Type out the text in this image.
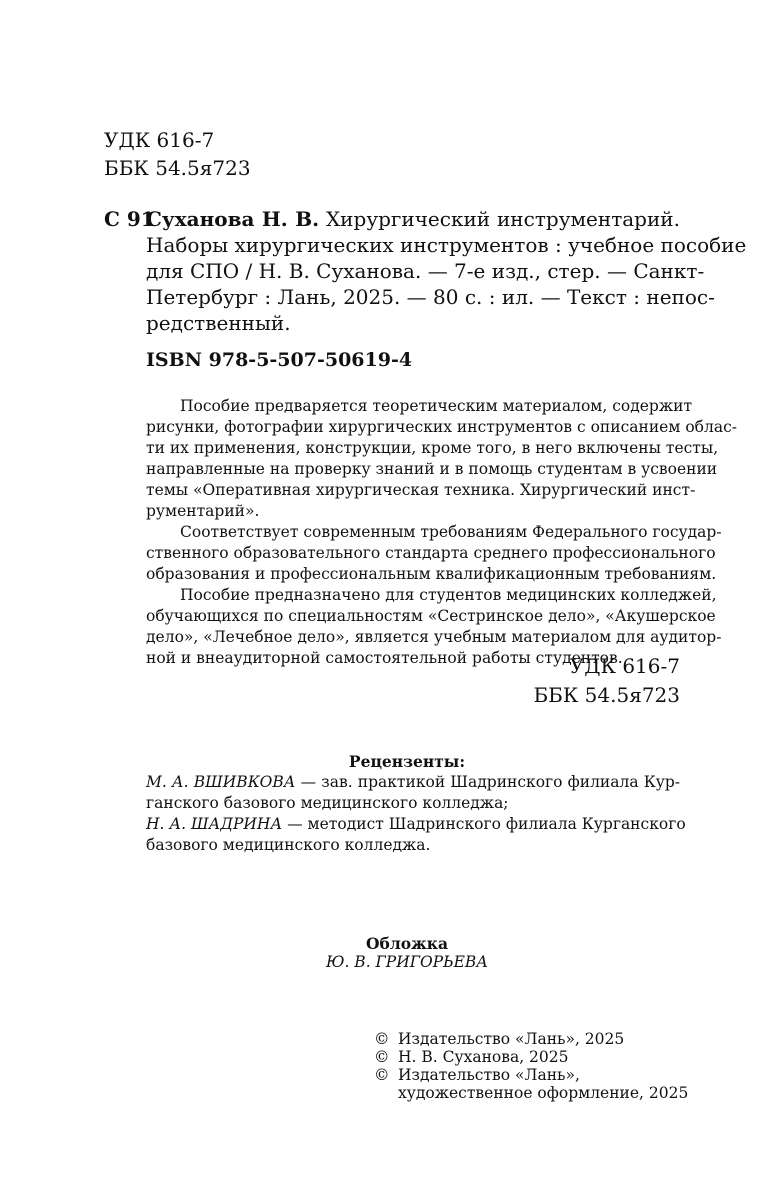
УДК 616-7
ББК 54.5я723
С 91
Суханова Н. В. Хирургический инструментарий.
Наборы хирургических инструментов : учебное пособие
для СПО / Н. В. Суханова. — 7-е изд., стер. — Санкт-
Петербург : Лань, 2025. — 80 с. : ил. — Текст : непос-
редственный.
ISBN 978-5-507-50619-4
Пособие предваряется теоретическим материалом, содержит
рисунки, фотографии хирургических инструментов с описанием облас-
ти их применения, конструкции, кроме того, в него включены тесты,
направленные на проверку знаний и в помощь студентам в усвоении
темы «Оперативная хирургическая техника. Хирургический инст-
рументарий».
Соответствует современным требованиям Федерального государ-
ственного образовательного стандарта среднего профессионального
образования и профессиональным квалификационным требованиям.
Пособие предназначено для студентов медицинских колледжей,
обучающихся по специальностям «Сестринское дело», «Акушерское
дело», «Лечебное дело», является учебным материалом для аудитор-
ной и внеаудиторной самостоятельной работы студентов.
УДК 616-7
ББК 54.5я723
Рецензенты:
М. А. ВШИВКОВА — зав. практикой Шадринского филиала Кур-
ганского базового медицинского колледжа;
Н. А. ШАДРИНА — методист Шадринского филиала Курганского
базового медицинского колледжа.
Обложка
Ю. В. ГРИГОРЬЕВА
© Издательство «Лань», 2025
© Н. В. Суханова, 2025
© Издательство «Лань»,
художественное оформление, 2025
